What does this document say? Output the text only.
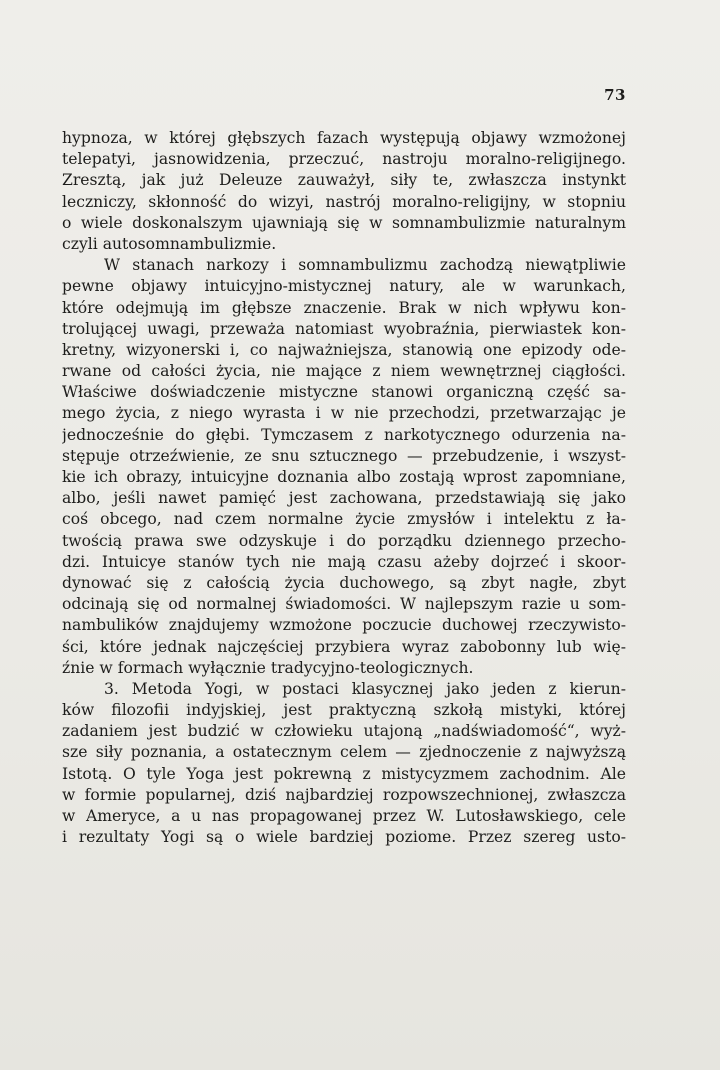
73
hypnoza, w której głębszych fazach występują objawy wzmożonej
telepatyi, jasnowidzenia, przeczuć, nastroju moralno-religijnego.
Zresztą, jak już Deleuze zauważył, siły te, zwłaszcza instynkt
leczniczy, skłonność do wizyi, nastrój moralno-religijny, w stopniu
o wiele doskonalszym ujawniają się w somnambulizmie naturalnym
czyli autosomnambulizmie.
W stanach narkozy i somnambulizmu zachodzą niewątpliwie
pewne objawy intuicyjno-mistycznej natury, ale w warunkach,
które odejmują im głębsze znaczenie. Brak w nich wpływu kon-
trolującej uwagi, przeważa natomiast wyobraźnia, pierwiastek kon-
kretny, wizyonerski i, co najważniejsza, stanowią one epizody ode-
rwane od całości życia, nie mające z niem wewnętrznej ciągłości.
Właściwe doświadczenie mistyczne stanowi organiczną część sa-
mego życia, z niego wyrasta i w nie przechodzi, przetwarzając je
jednocześnie do głębi. Tymczasem z narkotycznego odurzenia na-
stępuje otrzeźwienie, ze snu sztucznego — przebudzenie, i wszyst-
kie ich obrazy, intuicyjne doznania albo zostają wprost zapomniane,
albo, jeśli nawet pamięć jest zachowana, przedstawiają się jako
coś obcego, nad czem normalne życie zmysłów i intelektu z ła-
twością prawa swe odzyskuje i do porządku dziennego przecho-
dzi. Intuicye stanów tych nie mają czasu ażeby dojrzeć i skoor-
dynować się z całością życia duchowego, są zbyt nagłe, zbyt
odcinają się od normalnej świadomości. W najlepszym razie u som-
nambulików znajdujemy wzmożone poczucie duchowej rzeczywisto-
ści, które jednak najczęściej przybiera wyraz zabobonny lub wię-
źnie w formach wyłącznie tradycyjno-teologicznych.
3. Metoda Yogi, w postaci klasycznej jako jeden z kierun-
ków filozofii indyjskiej, jest praktyczną szkołą mistyki, której
zadaniem jest budzić w człowieku utajoną „nadświadomość“, wyż-
sze siły poznania, a ostatecznym celem — zjednoczenie z najwyższą
Istotą. O tyle Yoga jest pokrewną z mistycyzmem zachodnim. Ale
w formie popularnej, dziś najbardziej rozpowszechnionej, zwłaszcza
w Ameryce, a u nas propagowanej przez W. Lutosławskiego, cele
i rezultaty Yogi są o wiele bardziej poziome. Przez szereg usto-
